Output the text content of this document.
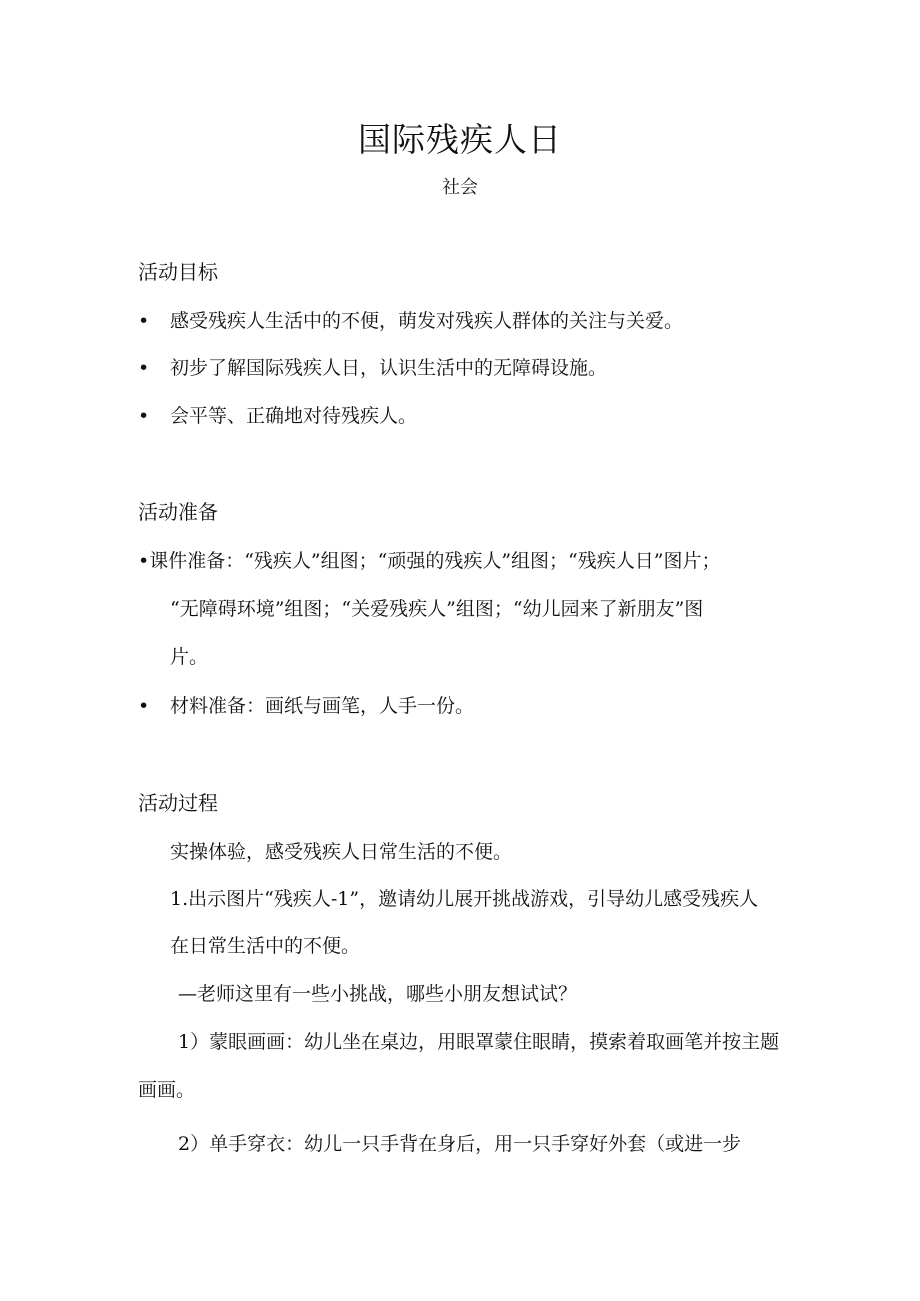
国际残疾人日
社会
活动目标
• 感受残疾人生活中的不便，萌发对残疾人群体的关注与关爱。
• 初步了解国际残疾人日，认识生活中的无障碍设施。
• 会平等、正确地对待残疾人。
活动准备
•课件准备：“残疾人”组图；“顽强的残疾人”组图；“残疾人日”图片；
“无障碍环境”组图；“关爱残疾人”组图；“幼儿园来了新朋友”图
片。
• 材料准备：画纸与画笔，人手一份。
活动过程
实操体验，感受残疾人日常生活的不便。
1.出示图片“残疾人-1”，邀请幼儿展开挑战游戏，引导幼儿感受残疾人
在日常生活中的不便。
—老师这里有一些小挑战，哪些小朋友想试试？
1）蒙眼画画：幼儿坐在桌边，用眼罩蒙住眼睛，摸索着取画笔并按主题
画画。
2）单手穿衣：幼儿一只手背在身后，用一只手穿好外套（或进一步
